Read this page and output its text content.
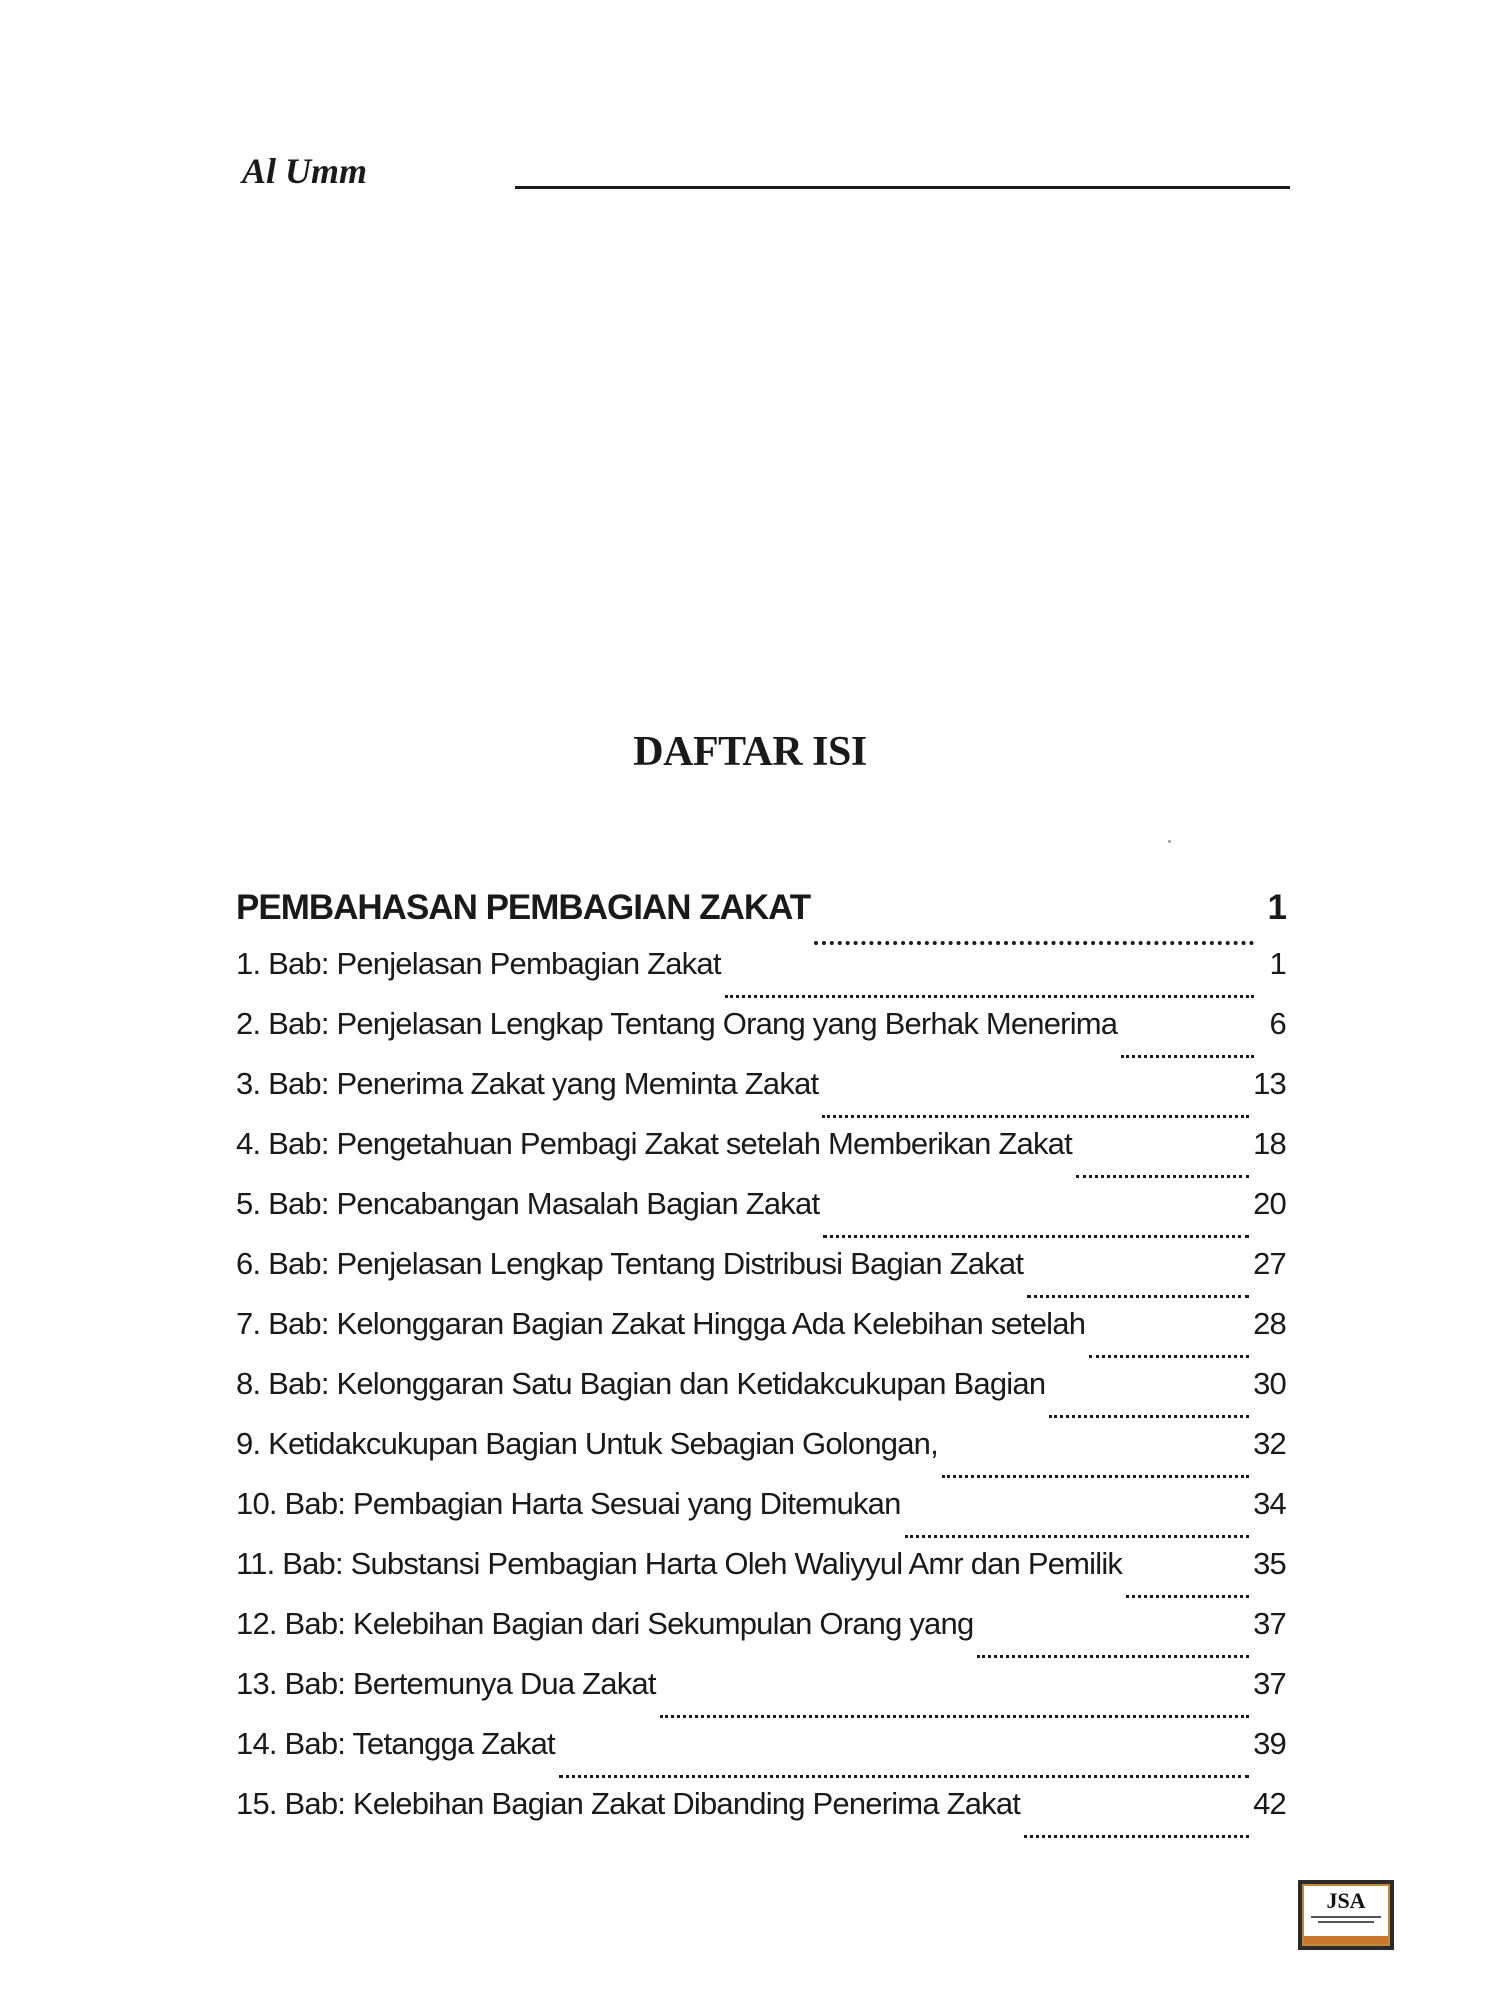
Al Umm
DAFTAR ISI
PEMBAHASAN PEMBAGIAN ZAKAT	1
1. Bab: Penjelasan Pembagian Zakat	1
2. Bab: Penjelasan Lengkap Tentang Orang yang Berhak Menerima	6
3. Bab: Penerima Zakat yang Meminta Zakat	13
4. Bab: Pengetahuan Pembagi Zakat setelah Memberikan Zakat	18
5. Bab: Pencabangan Masalah Bagian Zakat	20
6. Bab: Penjelasan Lengkap Tentang Distribusi Bagian Zakat	27
7. Bab: Kelonggaran Bagian Zakat Hingga Ada Kelebihan setelah	28
8. Bab: Kelonggaran Satu Bagian dan Ketidakcukupan Bagian	30
9. Ketidakcukupan Bagian Untuk Sebagian Golongan,	32
10. Bab: Pembagian Harta Sesuai yang Ditemukan	34
11. Bab: Substansi Pembagian Harta Oleh Waliyyul Amr dan Pemilik	35
12. Bab: Kelebihan Bagian dari Sekumpulan Orang yang	37
13. Bab: Bertemunya Dua Zakat	37
14. Bab: Tetangga Zakat	39
15. Bab: Kelebihan Bagian Zakat Dibanding Penerima Zakat	42
JSA
